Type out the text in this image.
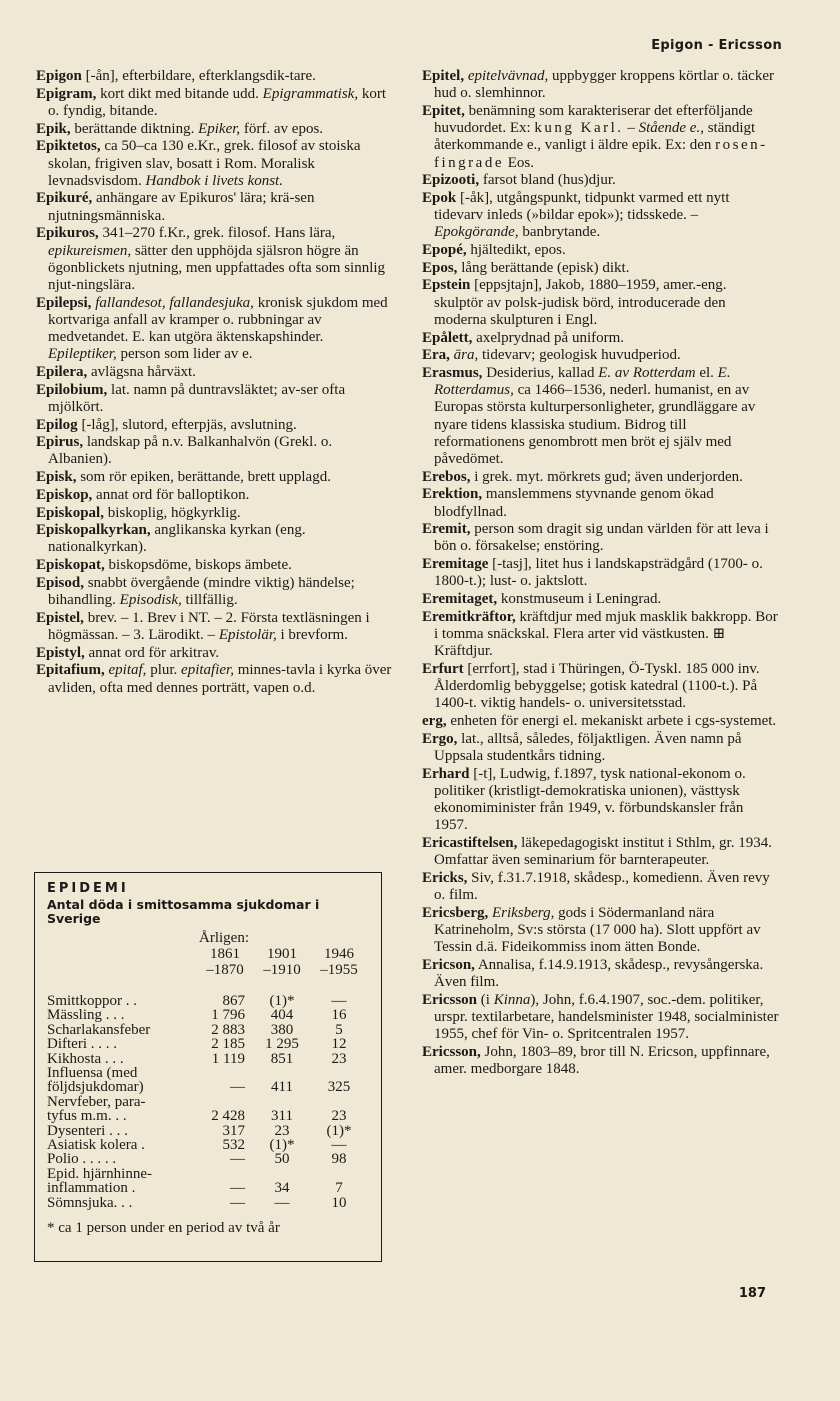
Epigon - Ericsson
Epigon [-ån], efterbildare, efterklangsdik-tare.
Epigram, kort dikt med bitande udd. Epigrammatisk, kort o. fyndig, bitande.
Epik, berättande diktning. Epiker, förf. av epos.
Epiktetos, ca 50–ca 130 e.Kr., grek. filosof av stoiska skolan, frigiven slav, bosatt i Rom. Moralisk levnadsvisdom. Handbok i livets konst.
Epikuré, anhängare av Epikuros' lära; krä-sen njutningsmänniska.
Epikuros, 341–270 f.Kr., grek. filosof. Hans lära, epikureismen, sätter den upphöjda själsron högre än ögonblickets njutning, men uppfattades ofta som sinnlig njut-ningslära.
Epilepsi, fallandesot, fallandesjuka, kronisk sjukdom med kortvariga anfall av kramper o. rubbningar av medvetandet. E. kan utgöra äktenskapshinder. Epileptiker, person som lider av e.
Epilera, avlägsna hårväxt.
Epilobium, lat. namn på duntravsläktet; av-ser ofta mjölkört.
Epilog [-låg], slutord, efterpjäs, avslutning.
Epirus, landskap på n.v. Balkanhalvön (Grekl. o. Albanien).
Episk, som rör epiken, berättande, brett upplagd.
Episkop, annat ord för balloptikon.
Episkopal, biskoplig, högkyrklig.
Episkopalkyrkan, anglikanska kyrkan (eng. nationalkyrkan).
Episkopat, biskopsdöme, biskops ämbete.
Episod, snabbt övergående (mindre viktig) händelse; bihandling. Episodisk, tillfällig.
Epistel, brev. – 1. Brev i NT. – 2. Första textläsningen i högmässan. – 3. Lärodikt. – Epistolär, i brevform.
Epistyl, annat ord för arkitrav.
Epitafium, epitaf, plur. epitafier, minnes-tavla i kyrka över avliden, ofta med dennes porträtt, vapen o.d.
Epitel, epitelvävnad, uppbygger kroppens körtlar o. täcker hud o. slemhinnor.
Epitet, benämning som karakteriserar det efterföljande huvudordet. Ex: kung Karl. – Stående e., ständigt återkommande e., vanligt i äldre epik. Ex: den rosen-fingrade Eos.
Epizooti, farsot bland (hus)djur.
Epok [-åk], utgångspunkt, tidpunkt varmed ett nytt tidevarv inleds (»bildar epok»); tidsskede. – Epokgörande, banbrytande.
Epopé, hjältedikt, epos.
Epos, lång berättande (episk) dikt.
Epstein [eppsjtajn], Jakob, 1880–1959, amer.-eng. skulptör av polsk-judisk börd, introducerade den moderna skulpturen i Engl.
Epålett, axelprydnad på uniform.
Era, āra, tidevarv; geologisk huvudperiod.
Erasmus, Desiderius, kallad E. av Rotterdam el. E. Rotterdamus, ca 1466–1536, nederl. humanist, en av Europas största kulturpersonligheter, grundläggare av nyare tidens klassiska studium. Bidrog till reformationens genombrott men bröt ej själv med påvedömet.
Erebos, i grek. myt. mörkrets gud; även underjorden.
Erektion, manslemmens styvnande genom ökad blodfyllnad.
Eremit, person som dragit sig undan världen för att leva i bön o. försakelse; enstöring.
Eremitage [-tasj], litet hus i landskapsträdgård (1700- o. 1800-t.); lust- o. jaktslott.
Eremitaget, konstmuseum i Leningrad.
Eremitkräftor, kräftdjur med mjuk masklik bakkropp. Bor i tomma snäckskal. Flera arter vid västkusten. ⊞ Kräftdjur.
Erfurt [errfort], stad i Thüringen, Ö-Tyskl. 185 000 inv. Ålderdomlig bebyggelse; gotisk katedral (1100-t.). På 1400-t. viktig handels- o. universitetsstad.
erg, enheten för energi el. mekaniskt arbete i cgs-systemet.
Ergo, lat., alltså, således, följaktligen. Även namn på Uppsala studentkårs tidning.
Erhard [-t], Ludwig, f.1897, tysk national-ekonom o. politiker (kristligt-demokratiska unionen), västtysk ekonomiminister från 1949, v. förbundskansler från 1957.
Ericastiftelsen, läkepedagogiskt institut i Sthlm, gr. 1934. Omfattar även seminarium för barnterapeuter.
Ericks, Siv, f.31.7.1918, skådesp., komedienn. Även revy o. film.
Ericsberg, Eriksberg, gods i Södermanland nära Katrineholm, Sv:s största (17 000 ha). Slott uppfört av Tessin d.ä. Fideikommiss inom ätten Bonde.
Ericson, Annalisa, f.14.9.1913, skådesp., revysångerska. Även film.
Ericsson (i Kinna), John, f.6.4.1907, soc.-dem. politiker, urspr. textilarbetare, handelsminister 1948, socialminister 1955, chef för Vin- o. Spritcentralen 1957.
Ericsson, John, 1803–89, bror till N. Ericson, uppfinnare, amer. medborgare 1848.
EPIDEMI
Antal döda i smittosamma sjukdomar i Sverige
Årligen:
1861	1901	1946
–1870	–1910	–1955
Smittkoppor . .	867	(1)*	—
Mässling . . .	1 796	404	16
Scharlakansfeber	2 883	380	5
Difteri . . . .	2 185	1 295	12
Kikhosta . . .	1 119	851	23
Influensa (med			
följdsjukdomar)	—	411	325
Nervfeber, para-			
tyfus m.m. . .	2 428	311	23
Dysenteri . . .	317	23	(1)*
Asiatisk kolera .	532	(1)*	—
Polio . . . . .	—	50	98
Epid. hjärnhinne-			
inflammation .	—	34	7
Sömnsjuka. . .	—	—	10
* ca 1 person under en period av två år
187
